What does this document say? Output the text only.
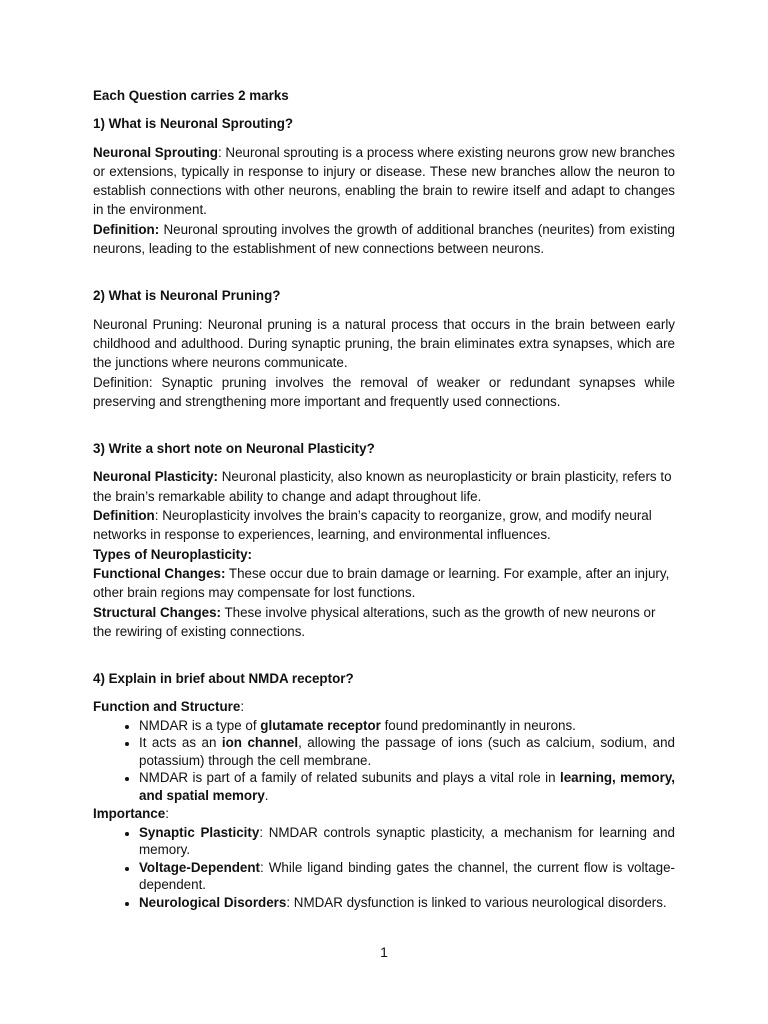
Each Question carries 2 marks

1) What is Neuronal Sprouting?

Neuronal Sprouting: Neuronal sprouting is a process where existing neurons grow new branches or extensions, typically in response to injury or disease. These new branches allow the neuron to establish connections with other neurons, enabling the brain to rewire itself and adapt to changes in the environment.

Definition: Neuronal sprouting involves the growth of additional branches (neurites) from existing neurons, leading to the establishment of new connections between neurons.

2) What is Neuronal Pruning?

Neuronal Pruning: Neuronal pruning is a natural process that occurs in the brain between early childhood and adulthood. During synaptic pruning, the brain eliminates extra synapses, which are the junctions where neurons communicate.

Definition: Synaptic pruning involves the removal of weaker or redundant synapses while preserving and strengthening more important and frequently used connections.

3) Write a short note on Neuronal Plasticity?

Neuronal Plasticity: Neuronal plasticity, also known as neuroplasticity or brain plasticity, refers to the brain’s remarkable ability to change and adapt throughout life.

Definition: Neuroplasticity involves the brain’s capacity to reorganize, grow, and modify neural networks in response to experiences, learning, and environmental influences.

Types of Neuroplasticity:

Functional Changes: These occur due to brain damage or learning. For example, after an injury, other brain regions may compensate for lost functions.

Structural Changes: These involve physical alterations, such as the growth of new neurons or the rewiring of existing connections.

4) Explain in brief about NMDA receptor?

Function and Structure:

• NMDAR is a type of glutamate receptor found predominantly in neurons.
• It acts as an ion channel, allowing the passage of ions (such as calcium, sodium, and potassium) through the cell membrane.
• NMDAR is part of a family of related subunits and plays a vital role in learning, memory, and spatial memory.

Importance:

• Synaptic Plasticity: NMDAR controls synaptic plasticity, a mechanism for learning and memory.
• Voltage-Dependent: While ligand binding gates the channel, the current flow is voltage-dependent.
• Neurological Disorders: NMDAR dysfunction is linked to various neurological disorders.
1
